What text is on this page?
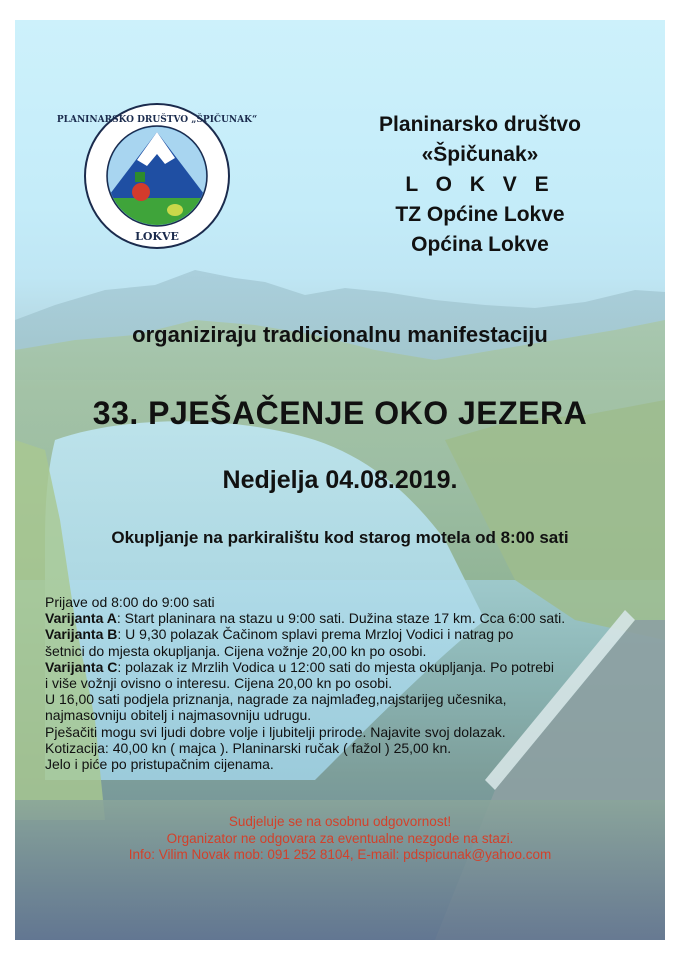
PLANINARSKO DRUŠTVO „ŠPIČUNAK“
LOKVE
Planinarsko društvo
«Špičunak»
L O K V E
TZ Općine Lokve
Općina Lokve
organiziraju tradicionalnu manifestaciju
33. PJEŠAČENJE OKO JEZERA
Nedjelja 04.08.2019.
Okupljanje na parkiralištu kod starog motela od 8:00 sati
Prijave od 8:00 do 9:00 sati
Varijanta A: Start planinara na stazu u 9:00 sati. Dužina staze 17 km. Cca 6:00 sati.
Varijanta B: U 9,30 polazak Čačinom splavi prema Mrzloj Vodici i natrag po
šetnici do mjesta okupljanja. Cijena vožnje 20,00 kn po osobi.
Varijanta C: polazak iz Mrzlih Vodica u 12:00 sati do mjesta okupljanja. Po potrebi
i više vožnji ovisno o interesu. Cijena 20,00 kn po osobi.
U 16,00 sati podjela priznanja, nagrade za najmlađeg,najstarijeg učesnika,
najmasovniju obitelj i najmasovniju udrugu.
Pješačiti mogu svi ljudi dobre volje i ljubitelji prirode. Najavite svoj dolazak.
Kotizacija: 40,00 kn ( majca ). Planinarski ručak ( fažol ) 25,00 kn.
Jelo i piće po pristupačnim cijenama.
Sudjeluje se na osobnu odgovornost!
Organizator ne odgovara za eventualne nezgode na stazi.
Info: Vilim Novak mob: 091 252 8104, E-mail: pdspicunak@yahoo.com
